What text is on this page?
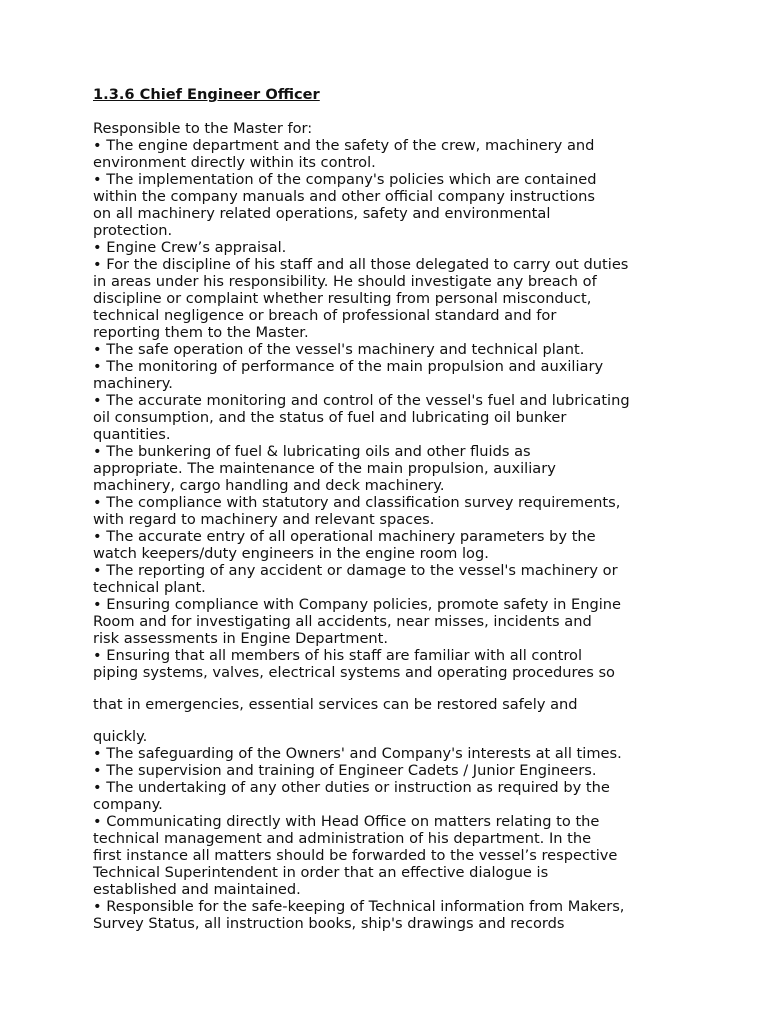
1.3.6 Chief Engineer Officer
Responsible to the Master for:
• The engine department and the safety of the crew, machinery and
environment directly within its control.
• The implementation of the company's policies which are contained
within the company manuals and other official company instructions
on all machinery related operations, safety and environmental
protection.
• Engine Crew’s appraisal.
• For the discipline of his staff and all those delegated to carry out duties
in areas under his responsibility. He should investigate any breach of
discipline or complaint whether resulting from personal misconduct,
technical negligence or breach of professional standard and for
reporting them to the Master.
• The safe operation of the vessel's machinery and technical plant.
• The monitoring of performance of the main propulsion and auxiliary
machinery.
• The accurate monitoring and control of the vessel's fuel and lubricating
oil consumption, and the status of fuel and lubricating oil bunker
quantities.
• The bunkering of fuel & lubricating oils and other fluids as
appropriate. The maintenance of the main propulsion, auxiliary
machinery, cargo handling and deck machinery.
• The compliance with statutory and classification survey requirements,
with regard to machinery and relevant spaces.
• The accurate entry of all operational machinery parameters by the
watch keepers/duty engineers in the engine room log.
• The reporting of any accident or damage to the vessel's machinery or
technical plant.
• Ensuring compliance with Company policies, promote safety in Engine
Room and for investigating all accidents, near misses, incidents and
risk assessments in Engine Department.
• Ensuring that all members of his staff are familiar with all control
piping systems, valves, electrical systems and operating procedures so
that in emergencies, essential services can be restored safely and
quickly.
• The safeguarding of the Owners' and Company's interests at all times.
• The supervision and training of Engineer Cadets / Junior Engineers.
• The undertaking of any other duties or instruction as required by the
company.
• Communicating directly with Head Office on matters relating to the
technical management and administration of his department. In the
first instance all matters should be forwarded to the vessel’s respective
Technical Superintendent in order that an effective dialogue is
established and maintained.
• Responsible for the safe-keeping of Technical information from Makers,
Survey Status, all instruction books, ship's drawings and records
